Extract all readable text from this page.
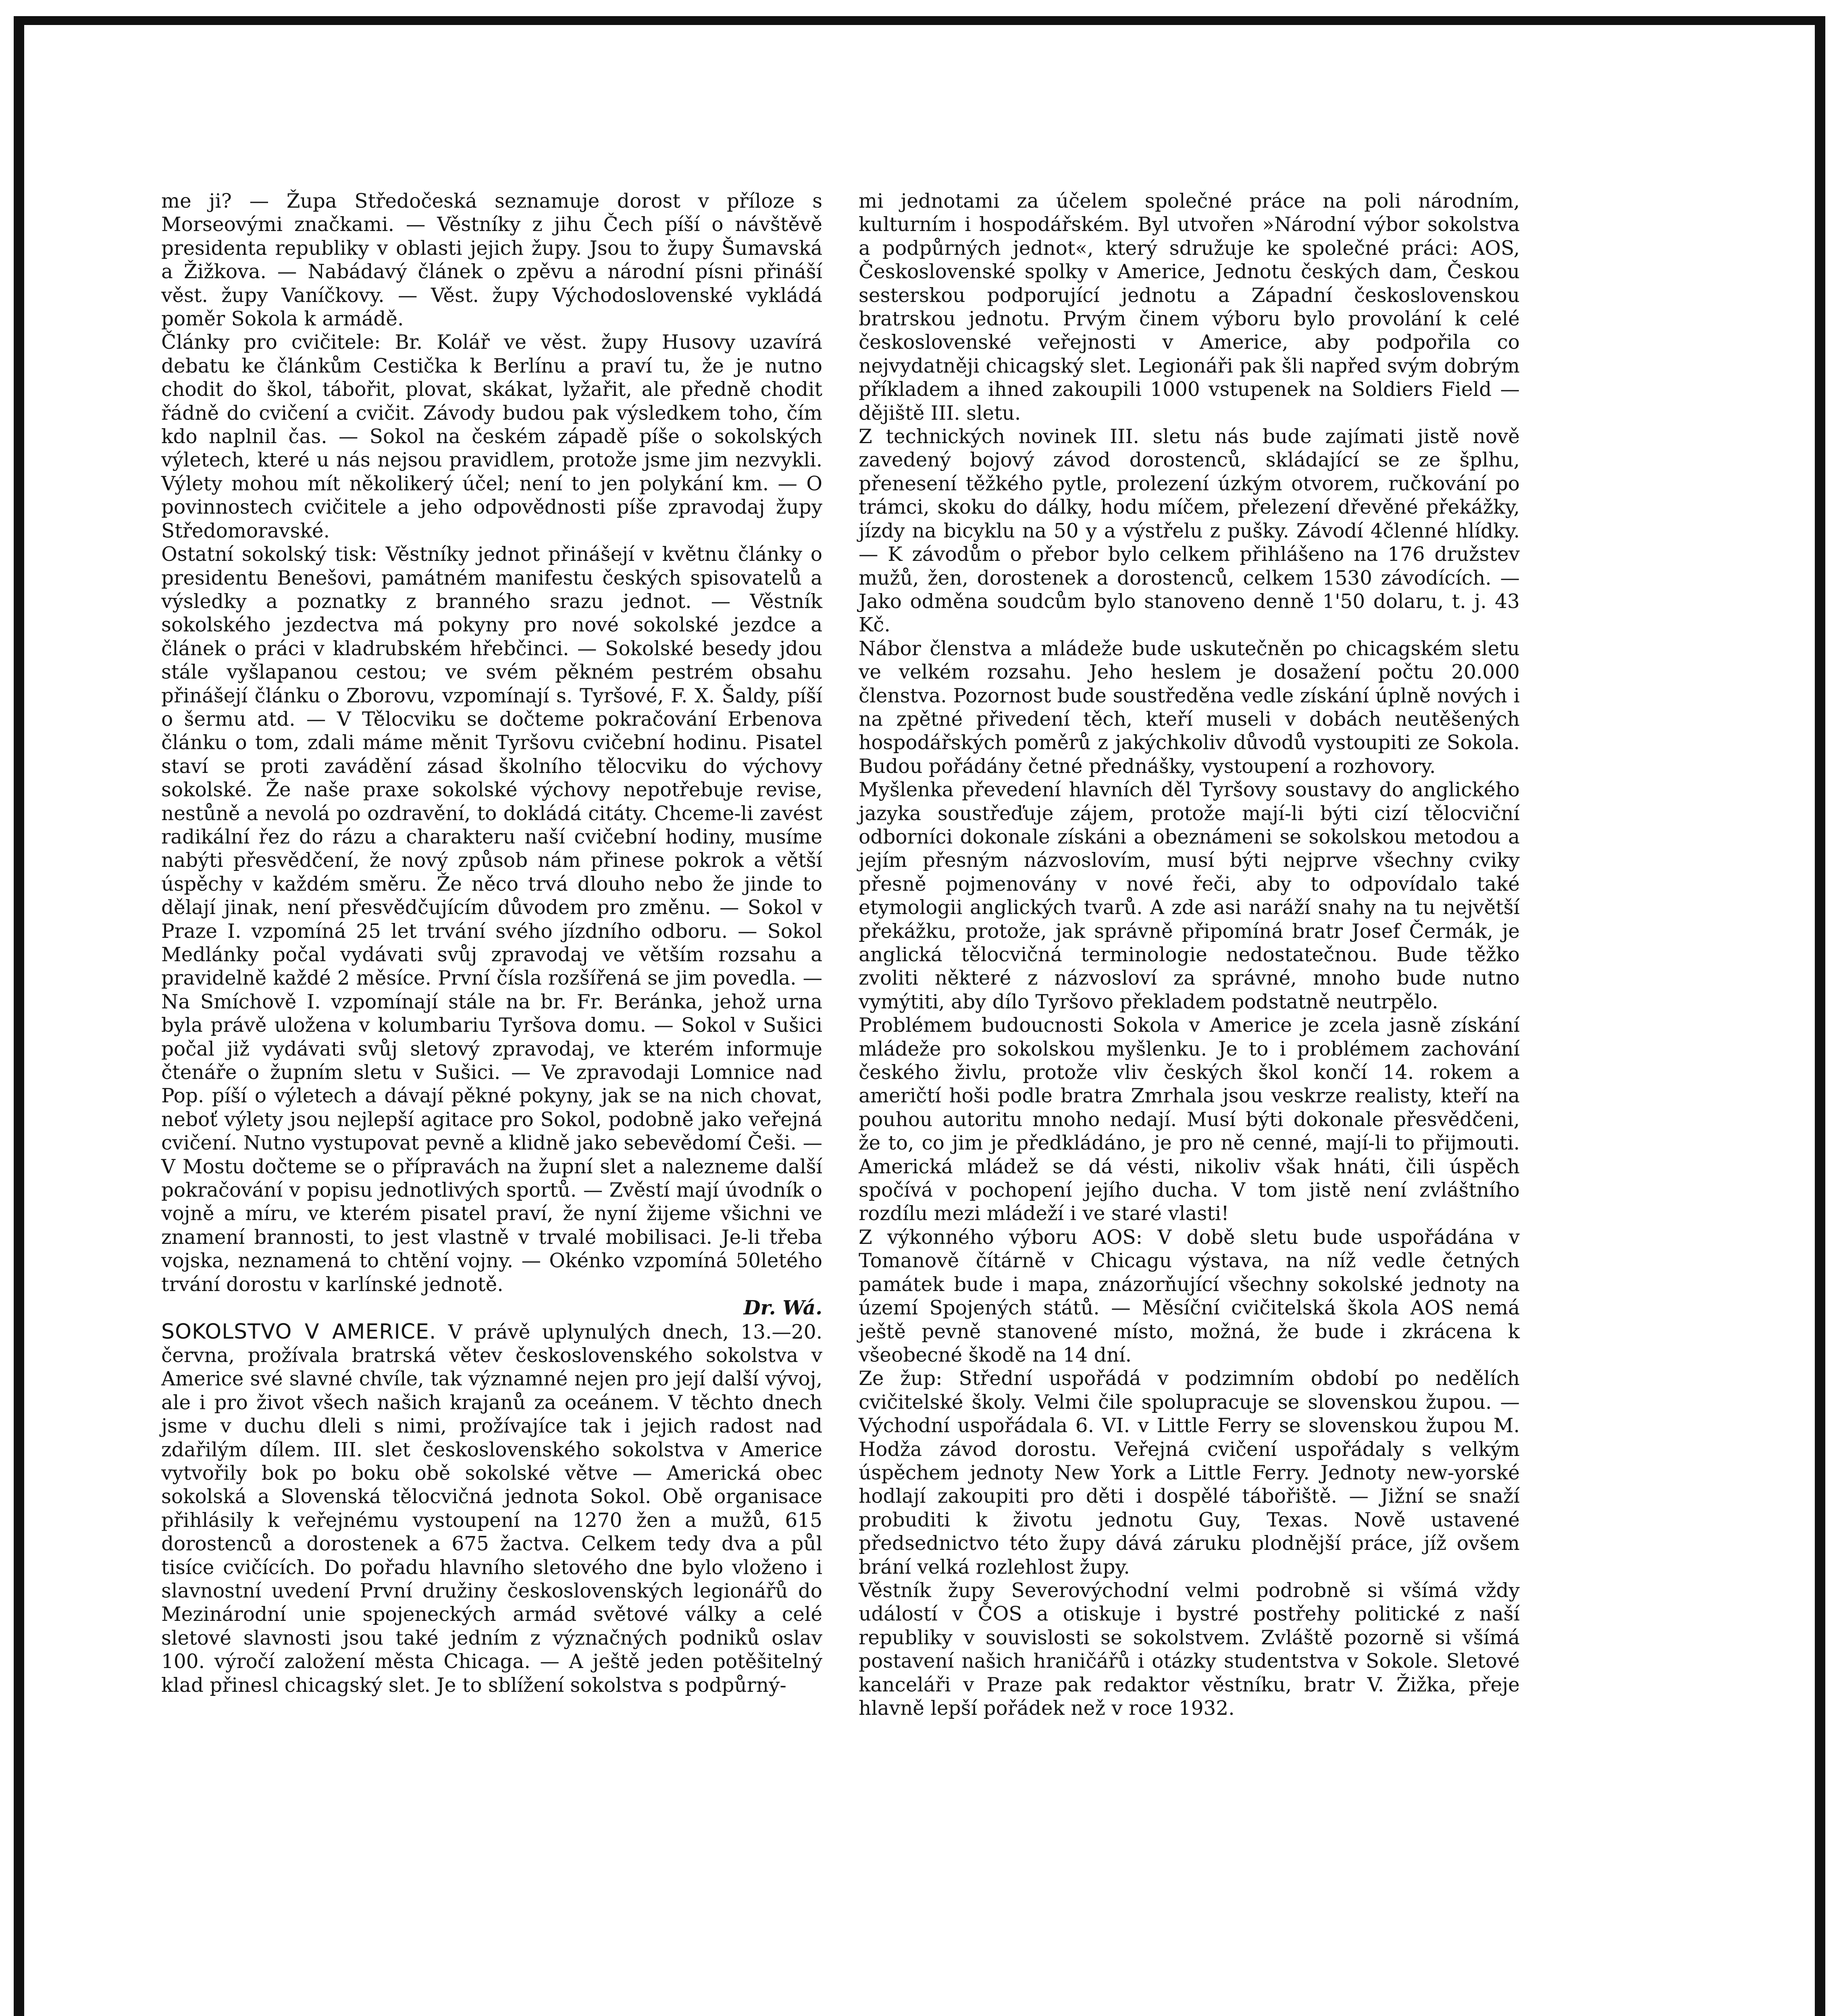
me ji? — Župa Středočeská seznamuje dorost v příloze s Morseovými značkami. — Věstníky z jihu Čech píší o návštěvě presidenta republiky v oblasti jejich župy. Jsou to župy Šumavská a Žižkova. — Nabádavý článek o zpěvu a národní písni přináší věst. župy Vaníčkovy. — Věst. župy Východoslovenské vykládá poměr Sokola k armádě.

Články pro cvičitele: Br. Kolář ve věst. župy Husovy uzavírá debatu ke článkům Cestička k Berlínu a praví tu, že je nutno chodit do škol, tábořit, plovat, skákat, lyžařit, ale předně chodit řádně do cvičení a cvičit. Závody budou pak výsledkem toho, čím kdo naplnil čas. — Sokol na českém západě píše o sokolských výletech, které u nás nejsou pravidlem, protože jsme jim nezvykli. Výlety mohou mít několikerý účel; není to jen polykání km. — O povinnostech cvičitele a jeho odpovědnosti píše zpravodaj župy Středomoravské.

Ostatní sokolský tisk: Věstníky jednot přinášejí v květnu články o presidentu Benešovi, památném manifestu českých spisovatelů a výsledky a poznatky z branného srazu jednot. — Věstník sokolského jezdectva má pokyny pro nové sokolské jezdce a článek o práci v kladrubském hřebčinci. — Sokolské besedy jdou stále vyšlapanou cestou; ve svém pěkném pestrém obsahu přinášejí článku o Zborovu, vzpomínají s. Tyršové, F. X. Šaldy, píší o šermu atd. — V Tělocviku se dočteme pokračování Erbenova článku o tom, zdali máme měnit Tyršovu cvičební hodinu. Pisatel staví se proti zavádění zásad školního tělocviku do výchovy sokolské. Že naše praxe sokolské výchovy nepotřebuje revise, nestůně a nevolá po ozdravění, to dokládá citáty. Chceme-li zavést radikální řez do rázu a charakteru naší cvičební hodiny, musíme nabýti přesvědčení, že nový způsob nám přinese pokrok a větší úspěchy v každém směru. Že něco trvá dlouho nebo že jinde to dělají jinak, není přesvědčujícím důvodem pro změnu. — Sokol v Praze I. vzpomíná 25 let trvání svého jízdního odboru. — Sokol Medlánky počal vydávati svůj zpravodaj ve větším rozsahu a pravidelně každé 2 měsíce. První čísla rozšířená se jim povedla. — Na Smíchově I. vzpomínají stále na br. Fr. Beránka, jehož urna byla právě uložena v kolumbariu Tyršova domu. — Sokol v Sušici počal již vydávati svůj sletový zpravodaj, ve kterém informuje čtenáře o župním sletu v Sušici. — Ve zpravodaji Lomnice nad Pop. píší o výletech a dávají pěkné pokyny, jak se na nich chovat, neboť výlety jsou nejlepší agitace pro Sokol, podobně jako veřejná cvičení. Nutno vystupovat pevně a klidně jako sebevědomí Češi. — V Mostu dočteme se o přípravách na župní slet a nalezneme další pokračování v popisu jednotlivých sportů. — Zvěstí mají úvodník o vojně a míru, ve kterém pisatel praví, že nyní žijeme všichni ve znamení brannosti, to jest vlastně v trvalé mobilisaci. Je-li třeba vojska, neznamená to chtění vojny. — Okénko vzpomíná 50letého trvání dorostu v karlínské jednotě.

Dr. Wá.

SOKOLSTVO V AMERICE. V právě uplynulých dnech, 13.—20. června, prožívala bratrská větev československého sokolstva v Americe své slavné chvíle, tak významné nejen pro její další vývoj, ale i pro život všech našich krajanů za oceánem. V těchto dnech jsme v duchu dleli s nimi, prožívajíce tak i jejich radost nad zdařilým dílem. III. slet československého sokolstva v Americe vytvořily bok po boku obě sokolské větve — Americká obec sokolská a Slovenská tělocvičná jednota Sokol. Obě organisace přihlásily k veřejnému vystoupení na 1270 žen a mužů, 615 dorostenců a dorostenek a 675 žactva. Celkem tedy dva a půl tisíce cvičících. Do pořadu hlavního sletového dne bylo vloženo i slavnostní uvedení První družiny československých legionářů do Mezinárodní unie spojeneckých armád světové války a celé sletové slavnosti jsou také jedním z význačných podniků oslav 100. výročí založení města Chicaga. — A ještě jeden potěšitelný klad přinesl chicagský slet. Je to sblížení sokolstva s podpůrný-

mi jednotami za účelem společné práce na poli národním, kulturním i hospodářském. Byl utvořen »Národní výbor sokolstva a podpůrných jednot«, který sdružuje ke společné práci: AOS, Československé spolky v Americe, Jednotu českých dam, Českou sesterskou podporující jednotu a Západní československou bratrskou jednotu. Prvým činem výboru bylo provolání k celé československé veřejnosti v Americe, aby podpořila co nejvydatněji chicagský slet. Legionáři pak šli napřed svým dobrým příkladem a ihned zakoupili 1000 vstupenek na Soldiers Field — dějiště III. sletu.

Z technických novinek III. sletu nás bude zajímati jistě nově zavedený bojový závod dorostenců, skládající se ze šplhu, přenesení těžkého pytle, prolezení úzkým otvorem, ručkování po trámci, skoku do dálky, hodu míčem, přelezení dřevěné překážky, jízdy na bicyklu na 50 y a výstřelu z pušky. Závodí 4členné hlídky. — K závodům o přebor bylo celkem přihlášeno na 176 družstev mužů, žen, dorostenek a dorostenců, celkem 1530 závodících. — Jako odměna soudcům bylo stanoveno denně 1'50 dolaru, t. j. 43 Kč.

Nábor členstva a mládeže bude uskutečněn po chicagském sletu ve velkém rozsahu. Jeho heslem je dosažení počtu 20.000 členstva. Pozornost bude soustředěna vedle získání úplně nových i na zpětné přivedení těch, kteří museli v dobách neutěšených hospodářských poměrů z jakýchkoliv důvodů vystoupiti ze Sokola. Budou pořádány četné přednášky, vystoupení a rozhovory.

Myšlenka převedení hlavních děl Tyršovy soustavy do anglického jazyka soustřeďuje zájem, protože mají-li býti cizí tělocviční odborníci dokonale získáni a obeznámeni se sokolskou metodou a jejím přesným názvoslovím, musí býti nejprve všechny cviky přesně pojmenovány v nové řeči, aby to odpovídalo také etymologii anglických tvarů. A zde asi naráží snahy na tu největší překážku, protože, jak správně připomíná bratr Josef Čermák, je anglická tělocvičná terminologie nedostatečnou. Bude těžko zvoliti některé z názvosloví za správné, mnoho bude nutno vymýtiti, aby dílo Tyršovo překladem podstatně neutrpělo.

Problémem budoucnosti Sokola v Americe je zcela jasně získání mládeže pro sokolskou myšlenku. Je to i problémem zachování českého živlu, protože vliv českých škol končí 14. rokem a američtí hoši podle bratra Zmrhala jsou veskrze realisty, kteří na pouhou autoritu mnoho nedají. Musí býti dokonale přesvědčeni, že to, co jim je předkládáno, je pro ně cenné, mají-li to přijmouti. Americká mládež se dá vésti, nikoliv však hnáti, čili úspěch spočívá v pochopení jejího ducha. V tom jistě není zvláštního rozdílu mezi mládeží i ve staré vlasti!

Z výkonného výboru AOS: V době sletu bude uspořádána v Tomanově čítárně v Chicagu výstava, na níž vedle četných památek bude i mapa, znázorňující všechny sokolské jednoty na území Spojených států. — Měsíční cvičitelská škola AOS nemá ještě pevně stanovené místo, možná, že bude i zkrácena k všeobecné škodě na 14 dní.

Ze žup: Střední uspořádá v podzimním období po nedělích cvičitelské školy. Velmi čile spolupracuje se slovenskou župou. — Východní uspořádala 6. VI. v Little Ferry se slovenskou župou M. Hodža závod dorostu. Veřejná cvičení uspořádaly s velkým úspěchem jednoty New York a Little Ferry. Jednoty new-yorské hodlají zakoupiti pro děti i dospělé tábořiště. — Jižní se snaží probuditi k životu jednotu Guy, Texas. Nově ustavené předsednictvo této župy dává záruku plodnější práce, jíž ovšem brání velká rozlehlost župy.

Věstník župy Severovýchodní velmi podrobně si všímá vždy událostí v ČOS a otiskuje i bystré postřehy politické z naší republiky v souvislosti se sokolstvem. Zvláště pozorně si všímá postavení našich hraničářů i otázky studentstva v Sokole. Sletové kanceláři v Praze pak redaktor věstníku, bratr V. Žižka, přeje hlavně lepší pořádek než v roce 1932.
